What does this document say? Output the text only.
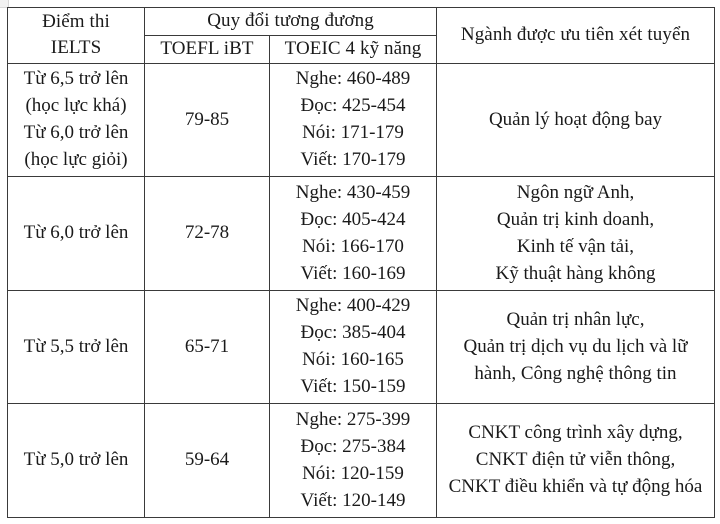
Điểm thi
IELTS	Quy đổi tương đương		Ngành được ưu tiên xét tuyển
	TOEFL iBT	TOEIC 4 kỹ năng	

Từ 6,5 trở lên
(học lực khá)
Từ 6,0 trở lên
(học lực giỏi)	79-85	Nghe: 460-489
Đọc: 425-454
Nói: 171-179
Viết: 170-179	Quản lý hoạt động bay

Từ 6,0 trở lên	72-78	Nghe: 430-459
Đọc: 405-424
Nói: 166-170
Viết: 160-169	Ngôn ngữ Anh,
Quản trị kinh doanh,
Kinh tế vận tải,
Kỹ thuật hàng không

Từ 5,5 trở lên	65-71	Nghe: 400-429
Đọc: 385-404
Nói: 160-165
Viết: 150-159	Quản trị nhân lực,
Quản trị dịch vụ du lịch và lữ
hành, Công nghệ thông tin

Từ 5,0 trở lên	59-64	Nghe: 275-399
Đọc: 275-384
Nói: 120-159
Viết: 120-149	CNKT công trình xây dựng,
CNKT điện tử viễn thông,
CNKT điều khiển và tự động hóa
